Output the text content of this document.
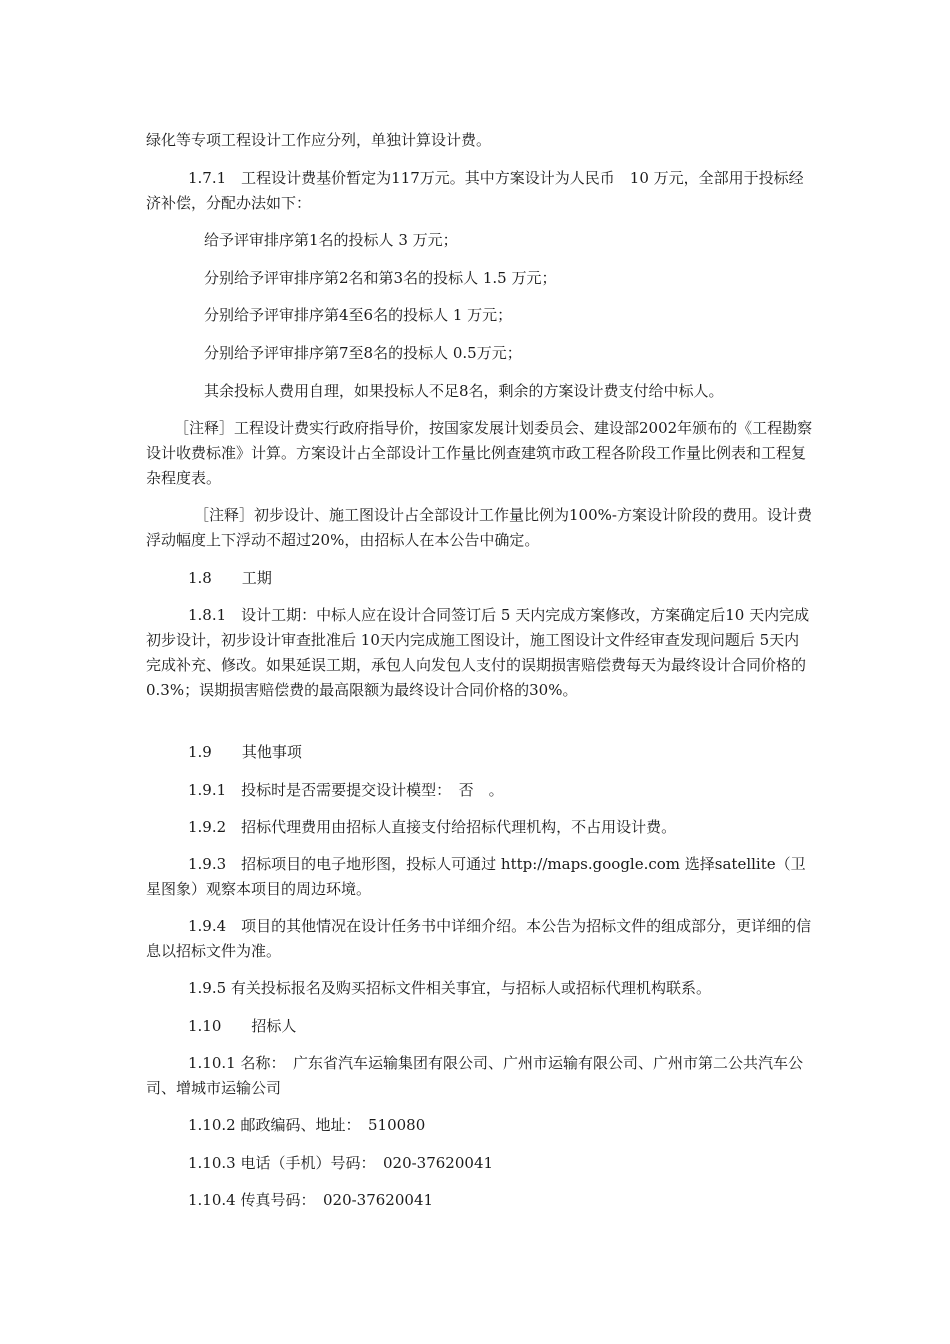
绿化等专项工程设计工作应分列，单独计算设计费。

1.7.1　工程设计费基价暂定为117万元。其中方案设计为人民币　10 万元，全部用于投标经济补偿，分配办法如下：

给予评审排序第1名的投标人 3 万元；

分别给予评审排序第2名和第3名的投标人 1.5 万元；

分别给予评审排序第4至6名的投标人 1 万元；

分别给予评审排序第7至8名的投标人 0.5万元；

其余投标人费用自理，如果投标人不足8名，剩余的方案设计费支付给中标人。

［注释］工程设计费实行政府指导价，按国家发展计划委员会、建设部2002年颁布的《工程勘察设计收费标准》计算。方案设计占全部设计工作量比例查建筑市政工程各阶段工作量比例表和工程复杂程度表。

［注释］初步设计、施工图设计占全部设计工作量比例为100%-方案设计阶段的费用。设计费浮动幅度上下浮动不超过20%，由招标人在本公告中确定。

1.8　　工期

1.8.1　设计工期：中标人应在设计合同签订后 5 天内完成方案修改，方案确定后10 天内完成初步设计，初步设计审查批准后 10天内完成施工图设计，施工图设计文件经审查发现问题后 5天内完成补充、修改。如果延误工期，承包人向发包人支付的误期损害赔偿费每天为最终设计合同价格的0.3%；误期损害赔偿费的最高限额为最终设计合同价格的30%。

1.9　　其他事项

1.9.1　投标时是否需要提交设计模型：　否　。

1.9.2　招标代理费用由招标人直接支付给招标代理机构，不占用设计费。

1.9.3　招标项目的电子地形图，投标人可通过 http://maps.google.com 选择satellite（卫星图象）观察本项目的周边环境。

1.9.4　项目的其他情况在设计任务书中详细介绍。本公告为招标文件的组成部分，更详细的信息以招标文件为准。

1.9.5 有关投标报名及购买招标文件相关事宜，与招标人或招标代理机构联系。

1.10　　招标人

1.10.1 名称：　广东省汽车运输集团有限公司、广州市运输有限公司、广州市第二公共汽车公司、增城市运输公司

1.10.2 邮政编码、地址：　510080

1.10.3 电话（手机）号码：　020-37620041

1.10.4 传真号码：　020-37620041
